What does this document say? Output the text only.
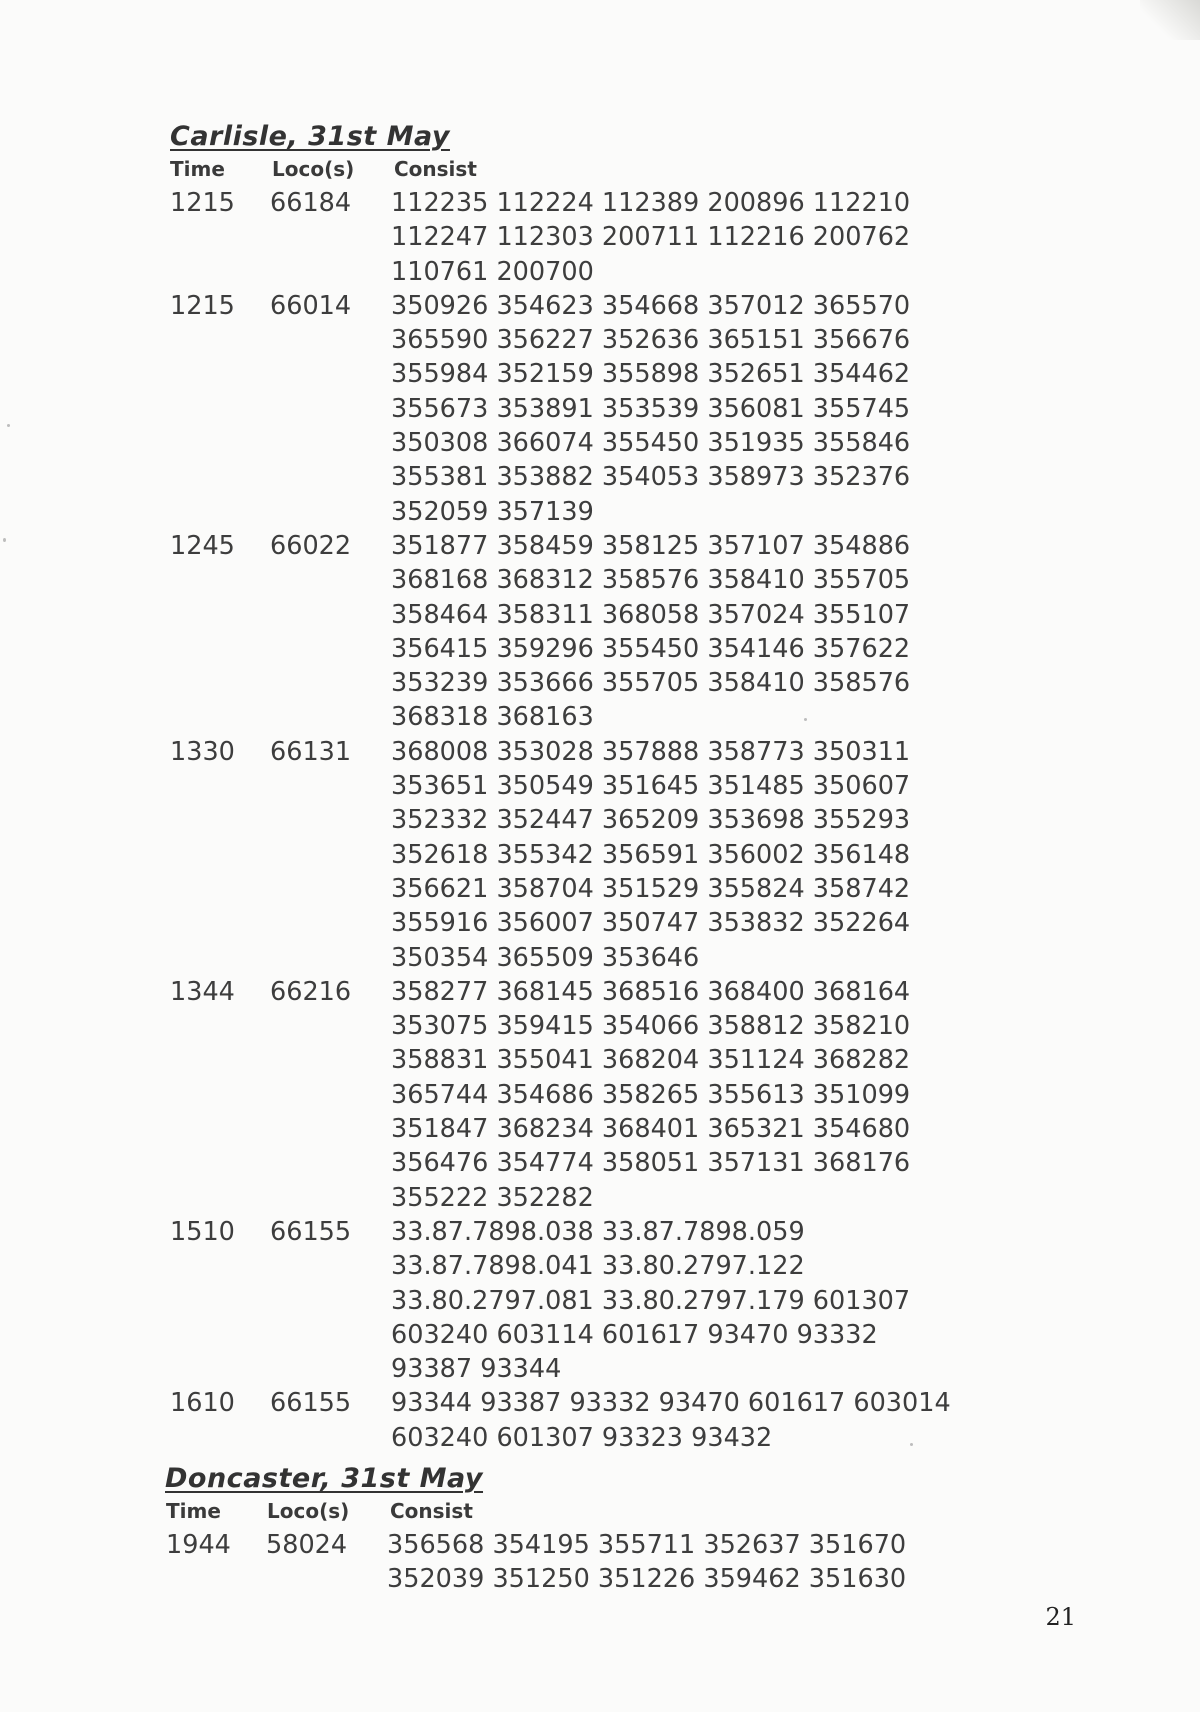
Carlisle, 31st May
Time Loco(s) Consist
1215 66184 112235 112224 112389 200896 112210
112247 112303 200711 112216 200762
110761 200700
1215 66014 350926 354623 354668 357012 365570
365590 356227 352636 365151 356676
355984 352159 355898 352651 354462
355673 353891 353539 356081 355745
350308 366074 355450 351935 355846
355381 353882 354053 358973 352376
352059 357139
1245 66022 351877 358459 358125 357107 354886
368168 368312 358576 358410 355705
358464 358311 368058 357024 355107
356415 359296 355450 354146 357622
353239 353666 355705 358410 358576
368318 368163
1330 66131 368008 353028 357888 358773 350311
353651 350549 351645 351485 350607
352332 352447 365209 353698 355293
352618 355342 356591 356002 356148
356621 358704 351529 355824 358742
355916 356007 350747 353832 352264
350354 365509 353646
1344 66216 358277 368145 368516 368400 368164
353075 359415 354066 358812 358210
358831 355041 368204 351124 368282
365744 354686 358265 355613 351099
351847 368234 368401 365321 354680
356476 354774 358051 357131 368176
355222 352282
1510 66155 33.87.7898.038 33.87.7898.059
33.87.7898.041 33.80.2797.122
33.80.2797.081 33.80.2797.179 601307
603240 603114 601617 93470 93332
93387 93344
1610 66155 93344 93387 93332 93470 601617 603014
603240 601307 93323 93432
Doncaster, 31st May
Time Loco(s) Consist
1944 58024 356568 354195 355711 352637 351670
352039 351250 351226 359462 351630
21
